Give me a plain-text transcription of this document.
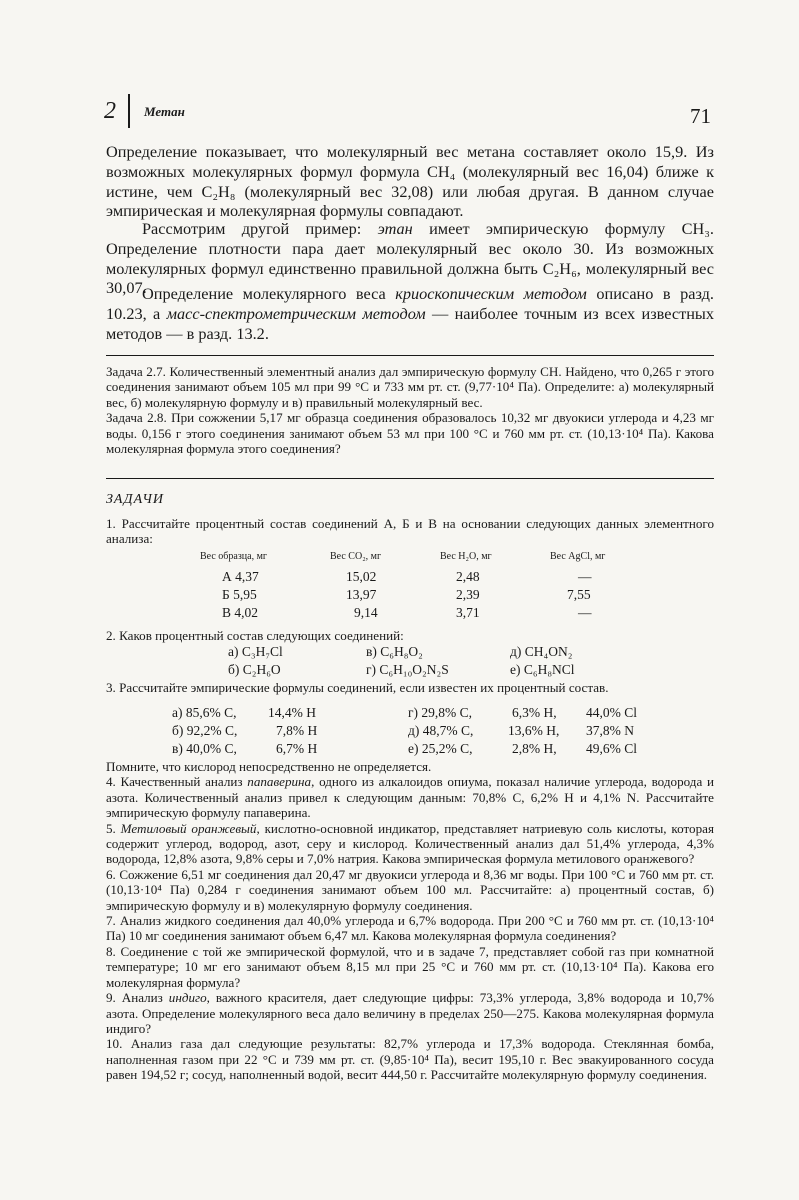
2 Метан	71

Определение показывает, что молекулярный вес метана составляет около 15,9. Из возможных молекулярных формул формула CH₄ (молекулярный вес 16,04) ближе к истине, чем C₂H₈ (молекулярный вес 32,08) или любая другая. В данном случае эмпирическая и молекулярная формулы совпадают.

Рассмотрим другой пример: этан имеет эмпирическую формулу CH₃. Определение плотности пара дает молекулярный вес около 30. Из возможных молекулярных формул единственно правильной должна быть C₂H₆, молекулярный вес 30,07.

Определение молекулярного веса криоскопическим методом описано в разд. 10.23, а масс-спектрометрическим методом — наиболее точным из всех известных методов — в разд. 13.2.

Задача 2.7. Количественный элементный анализ дал эмпирическую формулу CH. Найдено, что 0,265 г этого соединения занимают объем 105 мл при 99 °C и 733 мм рт. ст. (9,77·10⁴ Па). Определите: а) молекулярный вес, б) молекулярную формулу и в) правильный молекулярный вес.

Задача 2.8. При сожжении 5,17 мг образца соединения образовалось 10,32 мг двуокиси углерода и 4,23 мг воды. 0,156 г этого соединения занимают объем 53 мл при 100 °C и 760 мм рт. ст. (10,13·10⁴ Па). Какова молекулярная формула этого соединения?

ЗАДАЧИ

1. Рассчитайте процентный состав соединений А, Б и В на основании следующих данных элементного анализа:

Вес образца, мг	Вес CO₂, мг	Вес H₂O, мг	Вес AgCl, мг
А 4,37	15,02	2,48	—
Б 5,95	13,97	2,39	7,55
В 4,02	9,14	3,71	—

2. Каков процентный состав следующих соединений:

а) C₃H₇Cl	в) C₆H₈O₂	д) CH₄ON₂
б) C₂H₆O	г) C₆H₁₀O₂N₂S	е) C₆H₈NCl

3. Рассчитайте эмпирические формулы соединений, если известен их процентный состав.

а) 85,6% C, 14,4% H	г) 29,8% C,	6,3% H, 44,0% Cl
б) 92,2% C,	7,8% H	д) 48,7% C,	13,6% H, 37,8% N
в) 40,0% C,	6,7% H	е) 25,2% C,	2,8% H, 49,6% Cl

Помните, что кислород непосредственно не определяется.

4. Качественный анализ папаверина, одного из алкалоидов опиума, показал наличие углерода, водорода и азота. Количественный анализ привел к следующим данным: 70,8% C, 6,2% H и 4,1% N. Рассчитайте эмпирическую формулу папаверина.

5. Метиловый оранжевый, кислотно-основной индикатор, представляет натриевую соль кислоты, которая содержит углерод, водород, азот, серу и кислород. Количественный анализ дал 51,4% углерода, 4,3% водорода, 12,8% азота, 9,8% серы и 7,0% натрия. Какова эмпирическая формула метилового оранжевого?

6. Сожжение 6,51 мг соединения дал 20,47 мг двуокиси углерода и 8,36 мг воды. При 100 °C и 760 мм рт. ст. (10,13·10⁴ Па) 0,284 г соединения занимают объем 100 мл. Рассчитайте: а) процентный состав, б) эмпирическую формулу и в) молекулярную формулу соединения.

7. Анализ жидкого соединения дал 40,0% углерода и 6,7% водорода. При 200 °C и 760 мм рт. ст. (10,13·10⁴ Па) 10 мг соединения занимают объем 6,47 мл. Какова молекулярная формула соединения?

8. Соединение с той же эмпирической формулой, что и в задаче 7, представляет собой газ при комнатной температуре; 10 мг его занимают объем 8,15 мл при 25 °C и 760 мм рт. ст. (10,13·10⁴ Па). Какова его молекулярная формула?

9. Анализ индиго, важного красителя, дает следующие цифры: 73,3% углерода, 3,8% водорода и 10,7% азота. Определение молекулярного веса дало величину в пределах 250—275. Какова молекулярная формула индиго?

10. Анализ газа дал следующие результаты: 82,7% углерода и 17,3% водорода. Стеклянная бомба, наполненная газом при 22 °C и 739 мм рт. ст. (9,85·10⁴ Па), весит 195,10 г. Вес эвакуированного сосуда равен 194,52 г; сосуд, наполненный водой, весит 444,50 г. Рассчитайте молекулярную формулу соединения.
